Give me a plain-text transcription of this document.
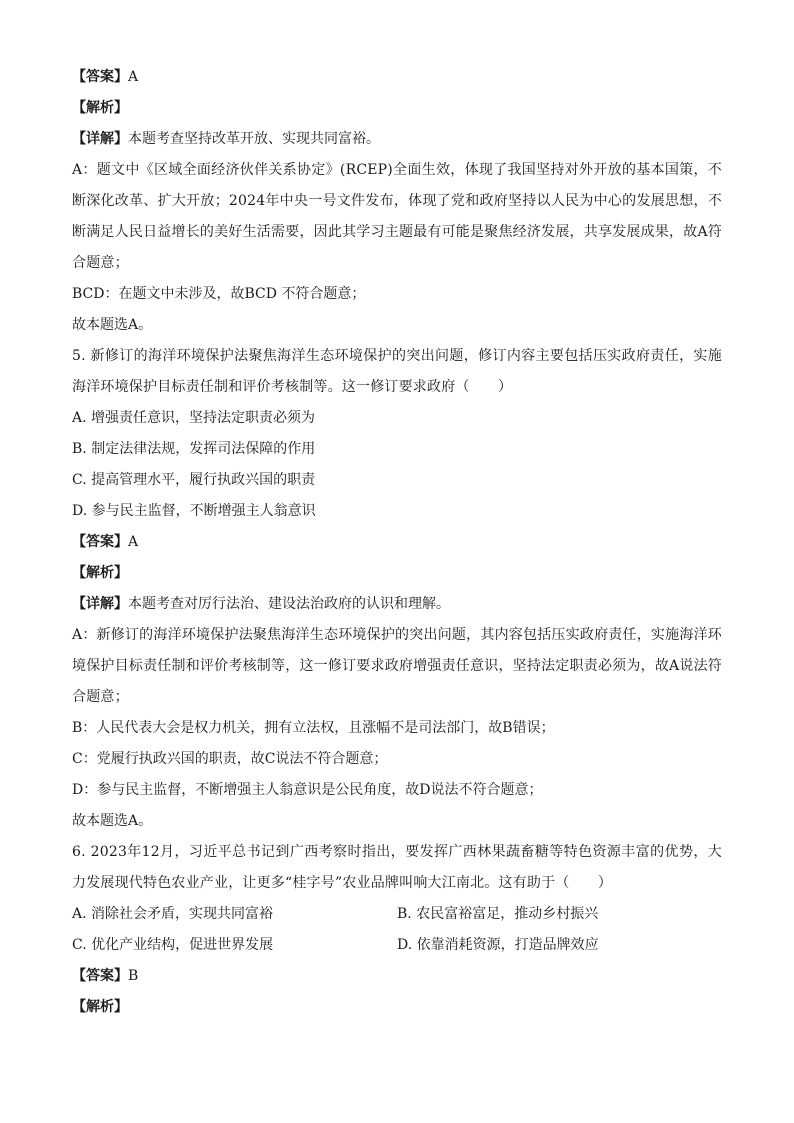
【答案】A
【解析】
【详解】本题考查坚持改革开放、实现共同富裕。
A：题文中《区域全面经济伙伴关系协定》(RCEP)全面生效，体现了我国坚持对外开放的基本国策，不断深化改革、扩大开放；2024年中央一号文件发布，体现了党和政府坚持以人民为中心的发展思想，不断满足人民日益增长的美好生活需要，因此其学习主题最有可能是聚焦经济发展，共享发展成果，故A符合题意；
BCD：在题文中未涉及，故BCD 不符合题意；
故本题选A。
5. 新修订的海洋环境保护法聚焦海洋生态环境保护的突出问题，修订内容主要包括压实政府责任，实施海洋环境保护目标责任制和评价考核制等。这一修订要求政府（　　）
A. 增强责任意识，坚持法定职责必须为
B. 制定法律法规，发挥司法保障的作用
C. 提高管理水平，履行执政兴国的职责
D. 参与民主监督，不断增强主人翁意识
【答案】A
【解析】
【详解】本题考查对厉行法治、建设法治政府的认识和理解。
A：新修订的海洋环境保护法聚焦海洋生态环境保护的突出问题，其内容包括压实政府责任，实施海洋环境保护目标责任制和评价考核制等，这一修订要求政府增强责任意识，坚持法定职责必须为，故A说法符合题意；
B：人民代表大会是权力机关，拥有立法权，且涨幅不是司法部门，故B错误；
C：党履行执政兴国的职责，故C说法不符合题意；
D：参与民主监督，不断增强主人翁意识是公民角度，故D说法不符合题意；
故本题选A。
6. 2023年12月，习近平总书记到广西考察时指出，要发挥广西林果蔬畜糖等特色资源丰富的优势，大力发展现代特色农业产业，让更多“桂字号”农业品牌叫响大江南北。这有助于（　　）
A. 消除社会矛盾，实现共同富裕	B. 农民富裕富足，推动乡村振兴
C. 优化产业结构，促进世界发展	D. 依靠消耗资源，打造品牌效应
【答案】B
【解析】
